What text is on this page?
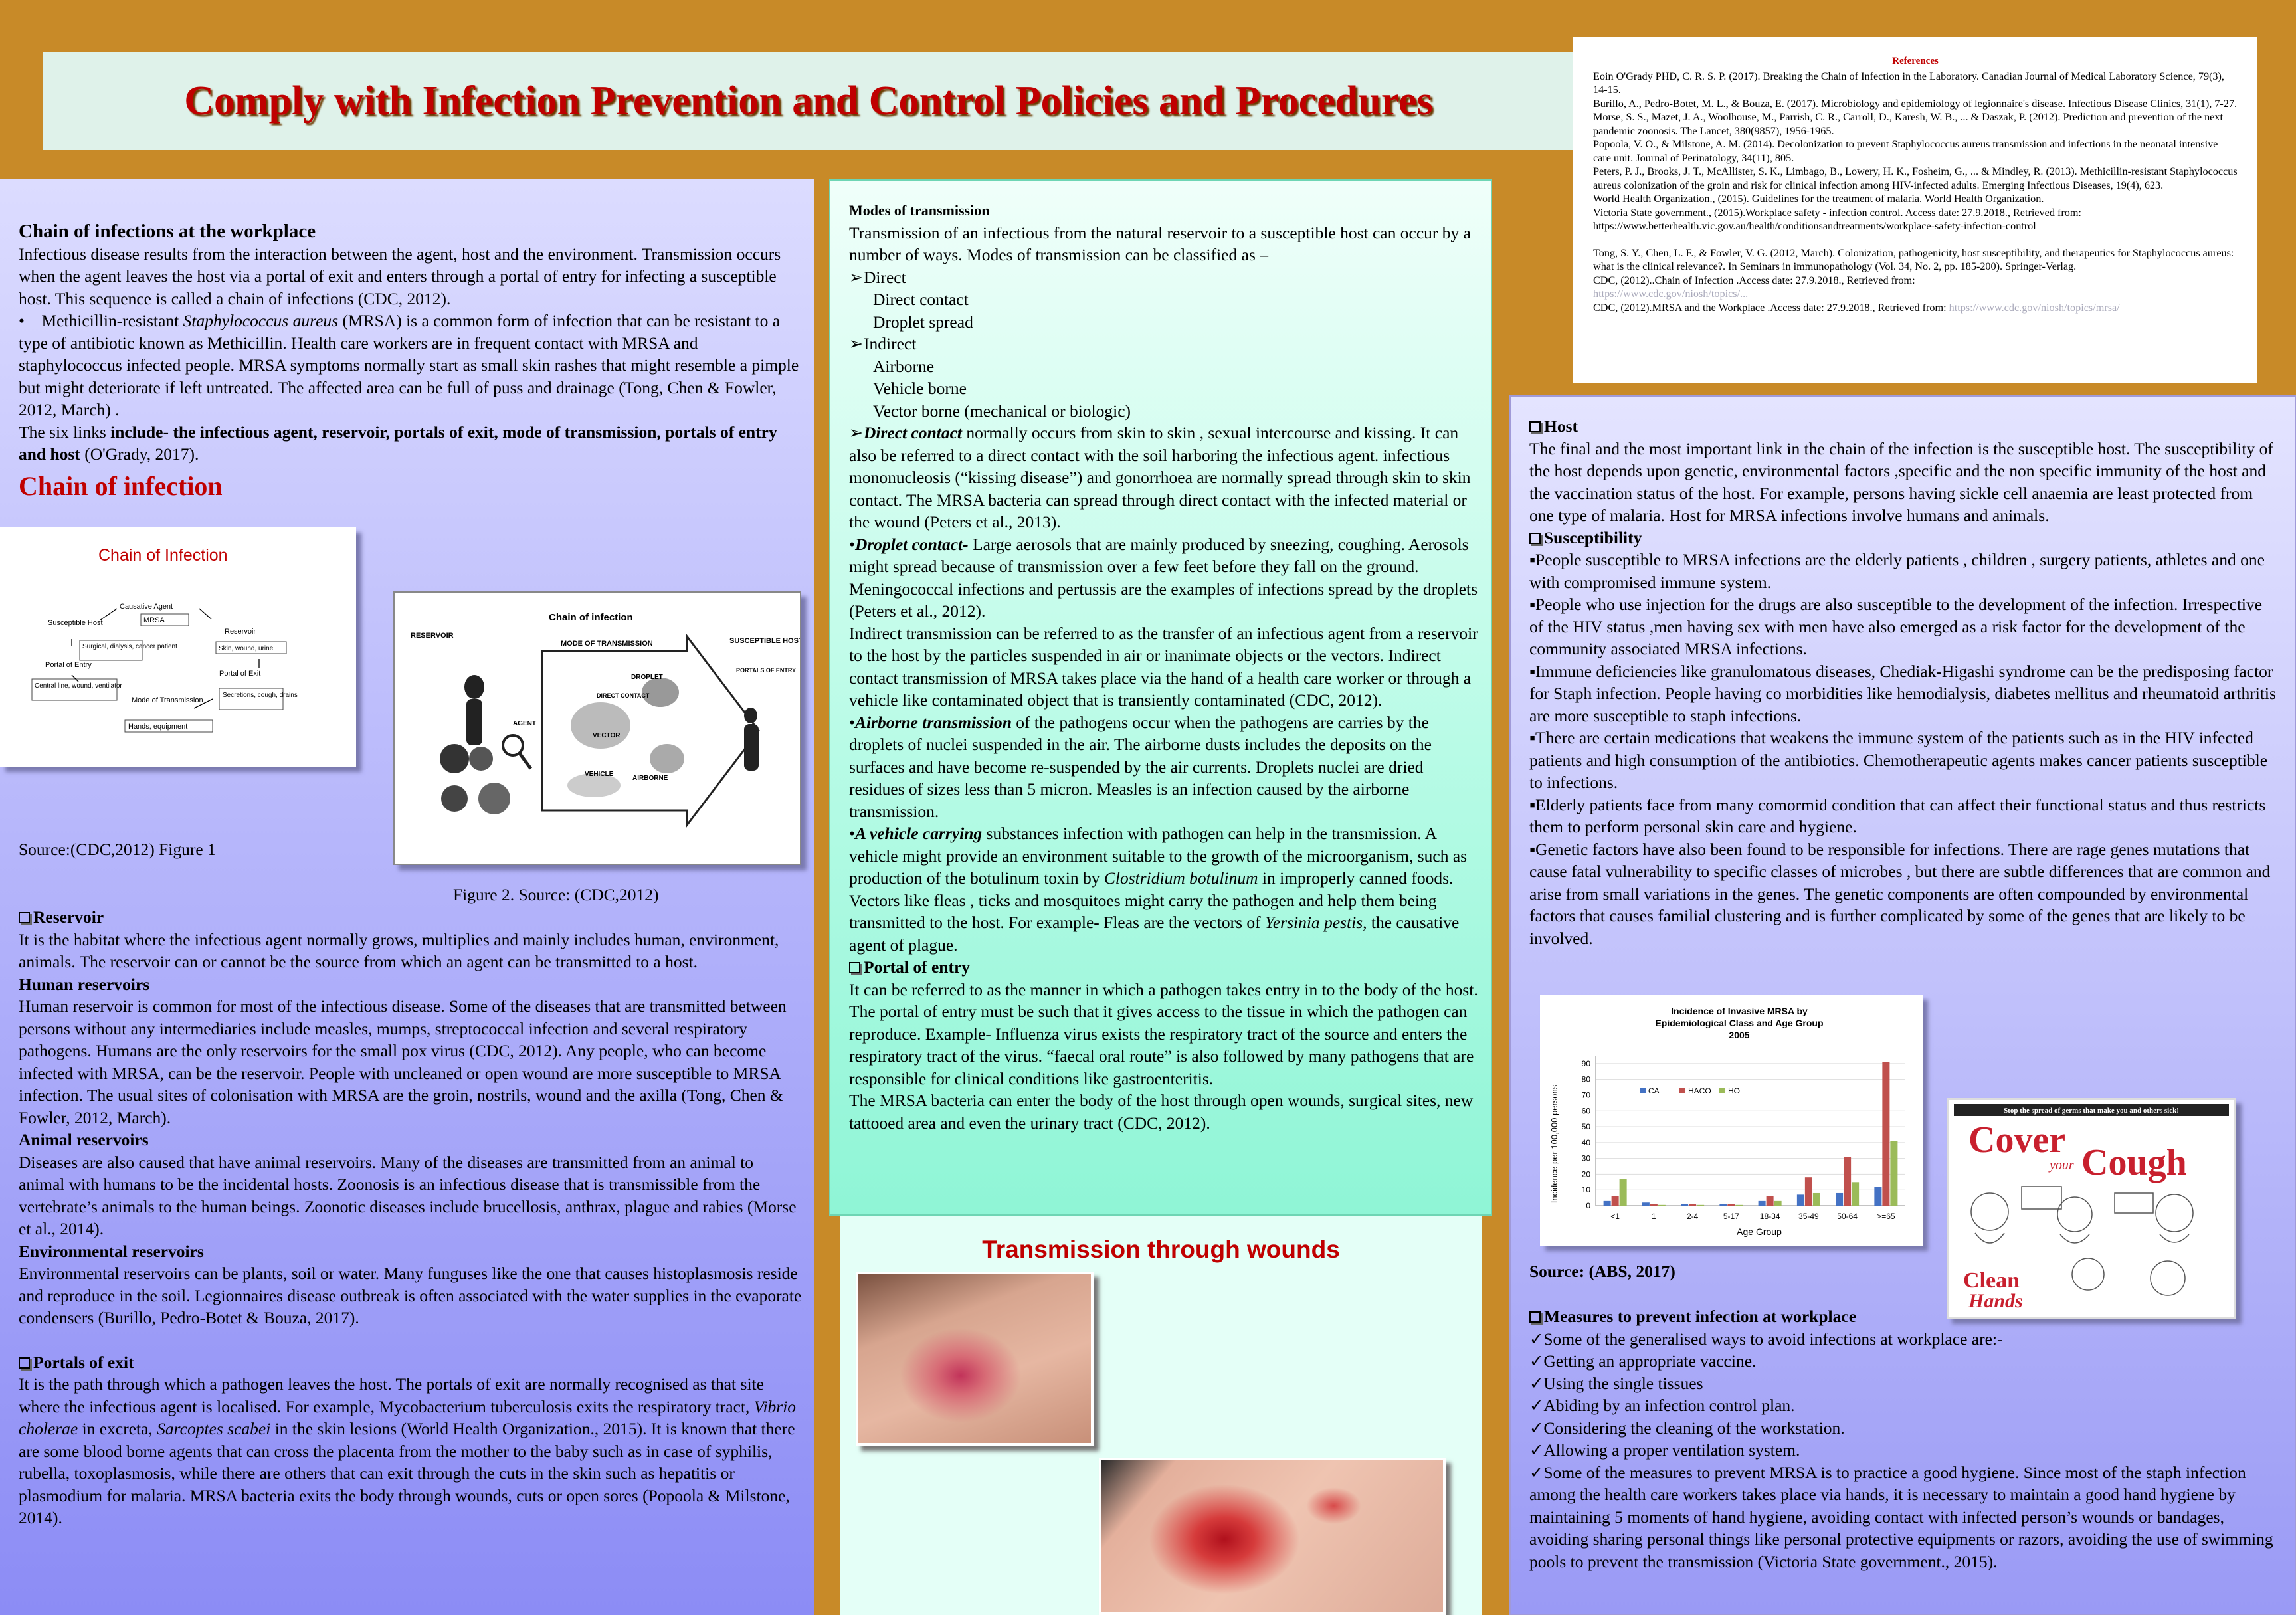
Comply with Infection Prevention and Control Policies and Procedures
References

Eoin O'Grady PHD, C. R. S. P. (2017). Breaking the Chain of Infection in the Laboratory. Canadian Journal of Medical Laboratory Science, 79(3), 14-15.

Burillo, A., Pedro-Botet, M. L., & Bouza, E. (2017). Microbiology and epidemiology of legionnaire's disease. Infectious Disease Clinics, 31(1), 7-27.

Morse, S. S., Mazet, J. A., Woolhouse, M., Parrish, C. R., Carroll, D., Karesh, W. B., ... & Daszak, P. (2012). Prediction and prevention of the next pandemic zoonosis. The Lancet, 380(9857), 1956-1965.

Popoola, V. O., & Milstone, A. M. (2014). Decolonization to prevent Staphylococcus aureus transmission and infections in the neonatal intensive care unit. Journal of Perinatology, 34(11), 805.

Peters, P. J., Brooks, J. T., McAllister, S. K., Limbago, B., Lowery, H. K., Fosheim, G., ... & Mindley, R. (2013). Methicillin-resistant Staphylococcus aureus colonization of the groin and risk for clinical infection among HIV-infected adults. Emerging Infectious Diseases, 19(4), 623.

World Health Organization., (2015). Guidelines for the treatment of malaria. World Health Organization.

Victoria State government., (2015).Workplace safety - infection control. Access date: 27.9.2018., Retrieved from: https://www.betterhealth.vic.gov.au/health/conditionsandtreatments/workplace-safety-infection-control

Tong, S. Y., Chen, L. F., & Fowler, V. G. (2012, March). Colonization, pathogenicity, host susceptibility, and therapeutics for Staphylococcus aureus: what is the clinical relevance?. In Seminars in immunopathology (Vol. 34, No. 2, pp. 185-200). Springer-Verlag.

CDC, (2012)..Chain of Infection .Access date: 27.9.2018., Retrieved from:

https://www.cdc.gov/niosh/topics/...

CDC, (2012).MRSA and the Workplace .Access date: 27.9.2018., Retrieved from: https://www.cdc.gov/niosh/topics/mrsa/

Chain of infections at the workplace

Infectious disease results from the interaction between the agent, host and the environment. Transmission occurs when the agent leaves the host via a portal of exit and enters through a portal of entry for infecting a susceptible host. This sequence is called a chain of infections (CDC, 2012).

•    Methicillin-resistant Staphylococcus aureus (MRSA) is a common form of infection that can be resistant to a type of antibiotic known as Methicillin. Health care workers are in frequent contact with MRSA and staphylococcus infected people. MRSA symptoms normally start as small skin rashes that might resemble a pimple but might deteriorate if left untreated. The affected area can be full of puss and drainage (Tong, Chen & Fowler, 2012, March) .

The six links include- the infectious agent, reservoir, portals of exit, mode of transmission, portals of entry and host (O'Grady, 2017).

Chain of infection

Chain of Infection
Causative Agent
MRSA
Reservoir
Skin, wound, urine
Portal of Exit
Secretions, cough, drains
Mode of Transmission
Hands, equipment
Portal of Entry
Central line, wound, ventilator
Susceptible Host
Surgical, dialysis, cancer patient
Chain of infection
RESERVOIR
MODE OF TRANSMISSION	SUSCEPTIBLE HOST
AGENT
DROPLET
DIRECT CONTACT
VECTOR
VEHICLE
AIRBORNE
PORTALS OF ENTRY

Source:(CDC,2012) Figure 1

Figure 2. Source: (CDC,2012)

Reservoir

It is the habitat where the infectious agent normally grows, multiplies and mainly includes human, environment, animals. The reservoir can or cannot be the source from which an agent can be transmitted to a host.

Human reservoirs

Human reservoir is common for most of the infectious disease. Some of the diseases that are transmitted between persons without any intermediaries include measles, mumps, streptococcal infection and several respiratory pathogens. Humans are the only reservoirs for the small pox virus (CDC, 2012). Any people, who can become infected with MRSA, can be the reservoir. People with uncleaned or open wound are more susceptible to MRSA infection. The usual sites of colonisation with MRSA are the groin, nostrils, wound and the axilla (Tong, Chen & Fowler, 2012, March).

Animal reservoirs

Diseases are also caused that have animal reservoirs. Many of the diseases are transmitted from an animal to animal with humans to be the incidental hosts. Zoonosis is an infectious disease that is transmissible from the vertebrate’s animals to the human beings. Zoonotic diseases include brucellosis, anthrax, plague and rabies (Morse et al., 2014).

Environmental reservoirs

Environmental reservoirs can be plants, soil or water. Many funguses like the one that causes histoplasmosis reside and reproduce in the soil. Legionnaires disease outbreak is often associated with the water supplies in the evaporate condensers (Burillo, Pedro-Botet & Bouza, 2017).

Portals of exit

It is the path through which a pathogen leaves the host. The portals of exit are normally recognised as that site where the infectious agent is localised. For example, Mycobacterium tuberculosis exits the respiratory tract, Vibrio cholerae in excreta, Sarcoptes scabei in the skin lesions (World Health Organization., 2015). It is known that there are some blood borne agents that can cross the placenta from the mother to the baby such as in case of syphilis, rubella, toxoplasmosis, while there are others that can exit through the cuts in the skin such as hepatitis or plasmodium for malaria. MRSA bacteria exits the body through wounds, cuts or open sores (Popoola & Milstone, 2014).

Modes of transmission

Transmission of an infectious from the natural reservoir to a susceptible host can occur by a number of ways. Modes of transmission can be classified as –

➢Direct

Direct contact

Droplet spread

➢Indirect

Airborne

Vehicle borne

Vector borne (mechanical or biologic)

➢Direct contact normally occurs from skin to skin , sexual intercourse and kissing. It can also be referred to a direct contact with the soil harboring the infectious agent. infectious mononucleosis (“kissing disease”) and gonorrhoea are normally spread through skin to skin contact. The MRSA bacteria can spread through direct contact with the infected material or the wound (Peters et al., 2013).

•Droplet contact- Large aerosols that are mainly produced by sneezing, coughing. Aerosols might spread because of transmission over a few feet before they fall on the ground. Meningococcal infections and pertussis are the examples of infections spread by the droplets (Peters et al., 2012).

Indirect transmission can be referred to as the transfer of an infectious agent from a reservoir to the host by the particles suspended in air or inanimate objects or the vectors. Indirect contact transmission of MRSA takes place via the hand of a health care worker or through a vehicle like contaminated object that is transiently contaminated (CDC, 2012).

•Airborne transmission of the pathogens occur when the pathogens are carries by the droplets of nuclei suspended in the air. The airborne dusts includes the deposits on the surfaces and have become re-suspended by the air currents. Droplets nuclei are dried residues of sizes less than 5 micron. Measles is an infection caused by the airborne transmission.

•A vehicle carrying substances infection with pathogen can help in the transmission. A vehicle might provide an environment suitable to the growth of the microorganism, such as production of the botulinum toxin by Clostridium botulinum in improperly canned foods.

Vectors like fleas , ticks and mosquitoes might carry the pathogen and help them being transmitted to the host. For example- Fleas are the vectors of Yersinia pestis, the causative agent of plague.

Portal of entry

It can be referred to as the manner in which a pathogen takes entry in to the body of the host. The portal of entry must be such that it gives access to the tissue in which the pathogen can reproduce. Example- Influenza virus exists the respiratory tract of the source and enters the respiratory tract of the virus. “faecal oral route” is also followed by many pathogens that are responsible for clinical conditions like gastroenteritis.

The MRSA bacteria can enter the body of the host through open wounds, surgical sites, new tattooed area and even the urinary tract (CDC, 2012).

Transmission through wounds

Host

The final and the most important link in the chain of the infection is the susceptible host. The susceptibility of the host depends upon genetic, environmental factors ,specific and the non specific immunity of the host and the vaccination status of the host. For example, persons having sickle cell anaemia are least protected from one type of malaria. Host for MRSA infections involve humans and animals.

Susceptibility

▪People susceptible to MRSA infections are the elderly patients , children , surgery patients, athletes and one with compromised immune system.

▪People who use injection for the drugs are also susceptible to the development of the infection. Irrespective of the HIV status ,men having sex with men have also emerged as a risk factor for the development of the community associated MRSA infections.

▪Immune deficiencies like granulomatous diseases, Chediak-Higashi syndrome can be the predisposing factor for Staph infection. People having co morbidities like hemodialysis, diabetes mellitus and rheumatoid arthritis are more susceptible to staph infections.

▪There are certain medications that weakens the immune system of the patients such as in the HIV infected patients and high consumption of the antibiotics. Chemotherapeutic agents makes cancer patients susceptible to infections.

▪Elderly patients face from many comormid condition that can affect their functional status and thus restricts them to perform personal skin care and hygiene.

▪Genetic factors have also been found to be responsible for infections. There are rage genes mutations that cause fatal vulnerability to specific classes of microbes , but there are subtle differences that are common and arise from small variations in the genes. The genetic components are often compounded by environmental factors that causes familial clustering and is further complicated by some of the genes that are likely to be involved.

Incidence of Invasive MRSA by
Epidemiological Class and Age Group
2005
Incidence per 100,000 persons
Age Group
0
10
20
30
40
50
60
70
80
90
<1	1	2-4	5-17	18-34 35-49 50-64 >=65
CA	HACO HO
Stop the spread of germs that make you and others sick!
Cover
your Cough
Clean
Hands

Source: (ABS, 2017)

Measures to prevent infection at workplace

✓Some of the generalised ways to avoid infections at workplace are:-

✓Getting an appropriate vaccine.

✓Using the single tissues

✓Abiding by an infection control plan.

✓Considering the cleaning of the workstation.

✓Allowing a proper ventilation system.

✓Some of the measures to prevent MRSA is to practice a good hygiene. Since most of the staph infection among the health care workers takes place via hands, it is necessary to maintain a good hand hygiene by maintaining 5 moments of hand hygiene, avoiding contact with infected person’s wounds or bandages, avoiding sharing personal things like personal protective equipments or razors, avoiding the use of swimming pools to prevent the transmission (Victoria State government., 2015).
